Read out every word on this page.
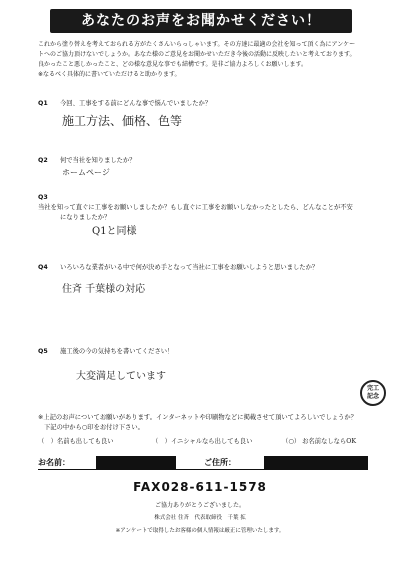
あなたのお声をお聞かせください！
これから塗り替えを考えておられる方がたくさんいらっしゃいます。その方達に最適の会社を知って頂く為にアンケー
トへのご協力頂けないでしょうか。あなた様のご意見をお聞かせいただき今後の活動に反映したいと考えております。
良かったこと悪しかったこと、どの様な意見な事でも結構です。是非ご協力よろしくお願いします。
※なるべく具体的に書いていただけると助かります。
Q1 今回、工事をする前にどんな事で悩んでいましたか？
施工方法、価格、色等
Q2 何で当社を知りましたか？
ホームページ
Q3当社を知って直ぐに工事をお願いしましたか？もし直ぐに工事をお願いしなかったとしたら、どんなことが不安
になりましたか？
Q1と同様
Q4 いろいろな業者がいる中で何が決め手となって当社に工事をお願いしようと思いましたか？
住斉 千葉様の対応
Q5 施工後の今の気持ちを書いてください！
大変満足しています
完工
記念
※上記のお声についてお願いがあります。インターネットや印刷物などに掲載させて頂いてよろしいでしょうか？
下記の中から○印をお付け下さい。
（　）名前も出しても良い	（　）イニシャルなら出しても良い	（○） お名前なしならOK
お名前：	ご住所：
FAX028-611-1578
ご協力ありがとうございました。
株式会社 住斉　代表取締役　千葉 拡
※アンケートで取得したお客様の個人情報は厳正に管理いたします。
